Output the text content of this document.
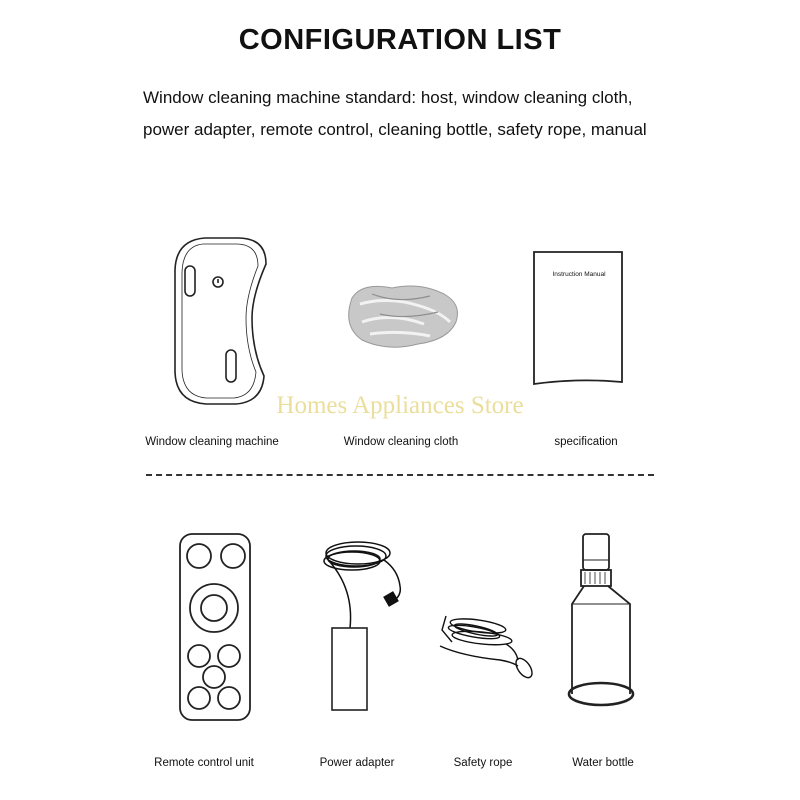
CONFIGURATION LIST
Window cleaning machine standard: host, window cleaning cloth,
power adapter, remote control, cleaning bottle, safety rope, manual
Instruction Manual
Homes Appliances Store
Window cleaning machine	Window cleaning cloth	specification
Remote control unit	Power adapter	Safety rope	Water bottle
